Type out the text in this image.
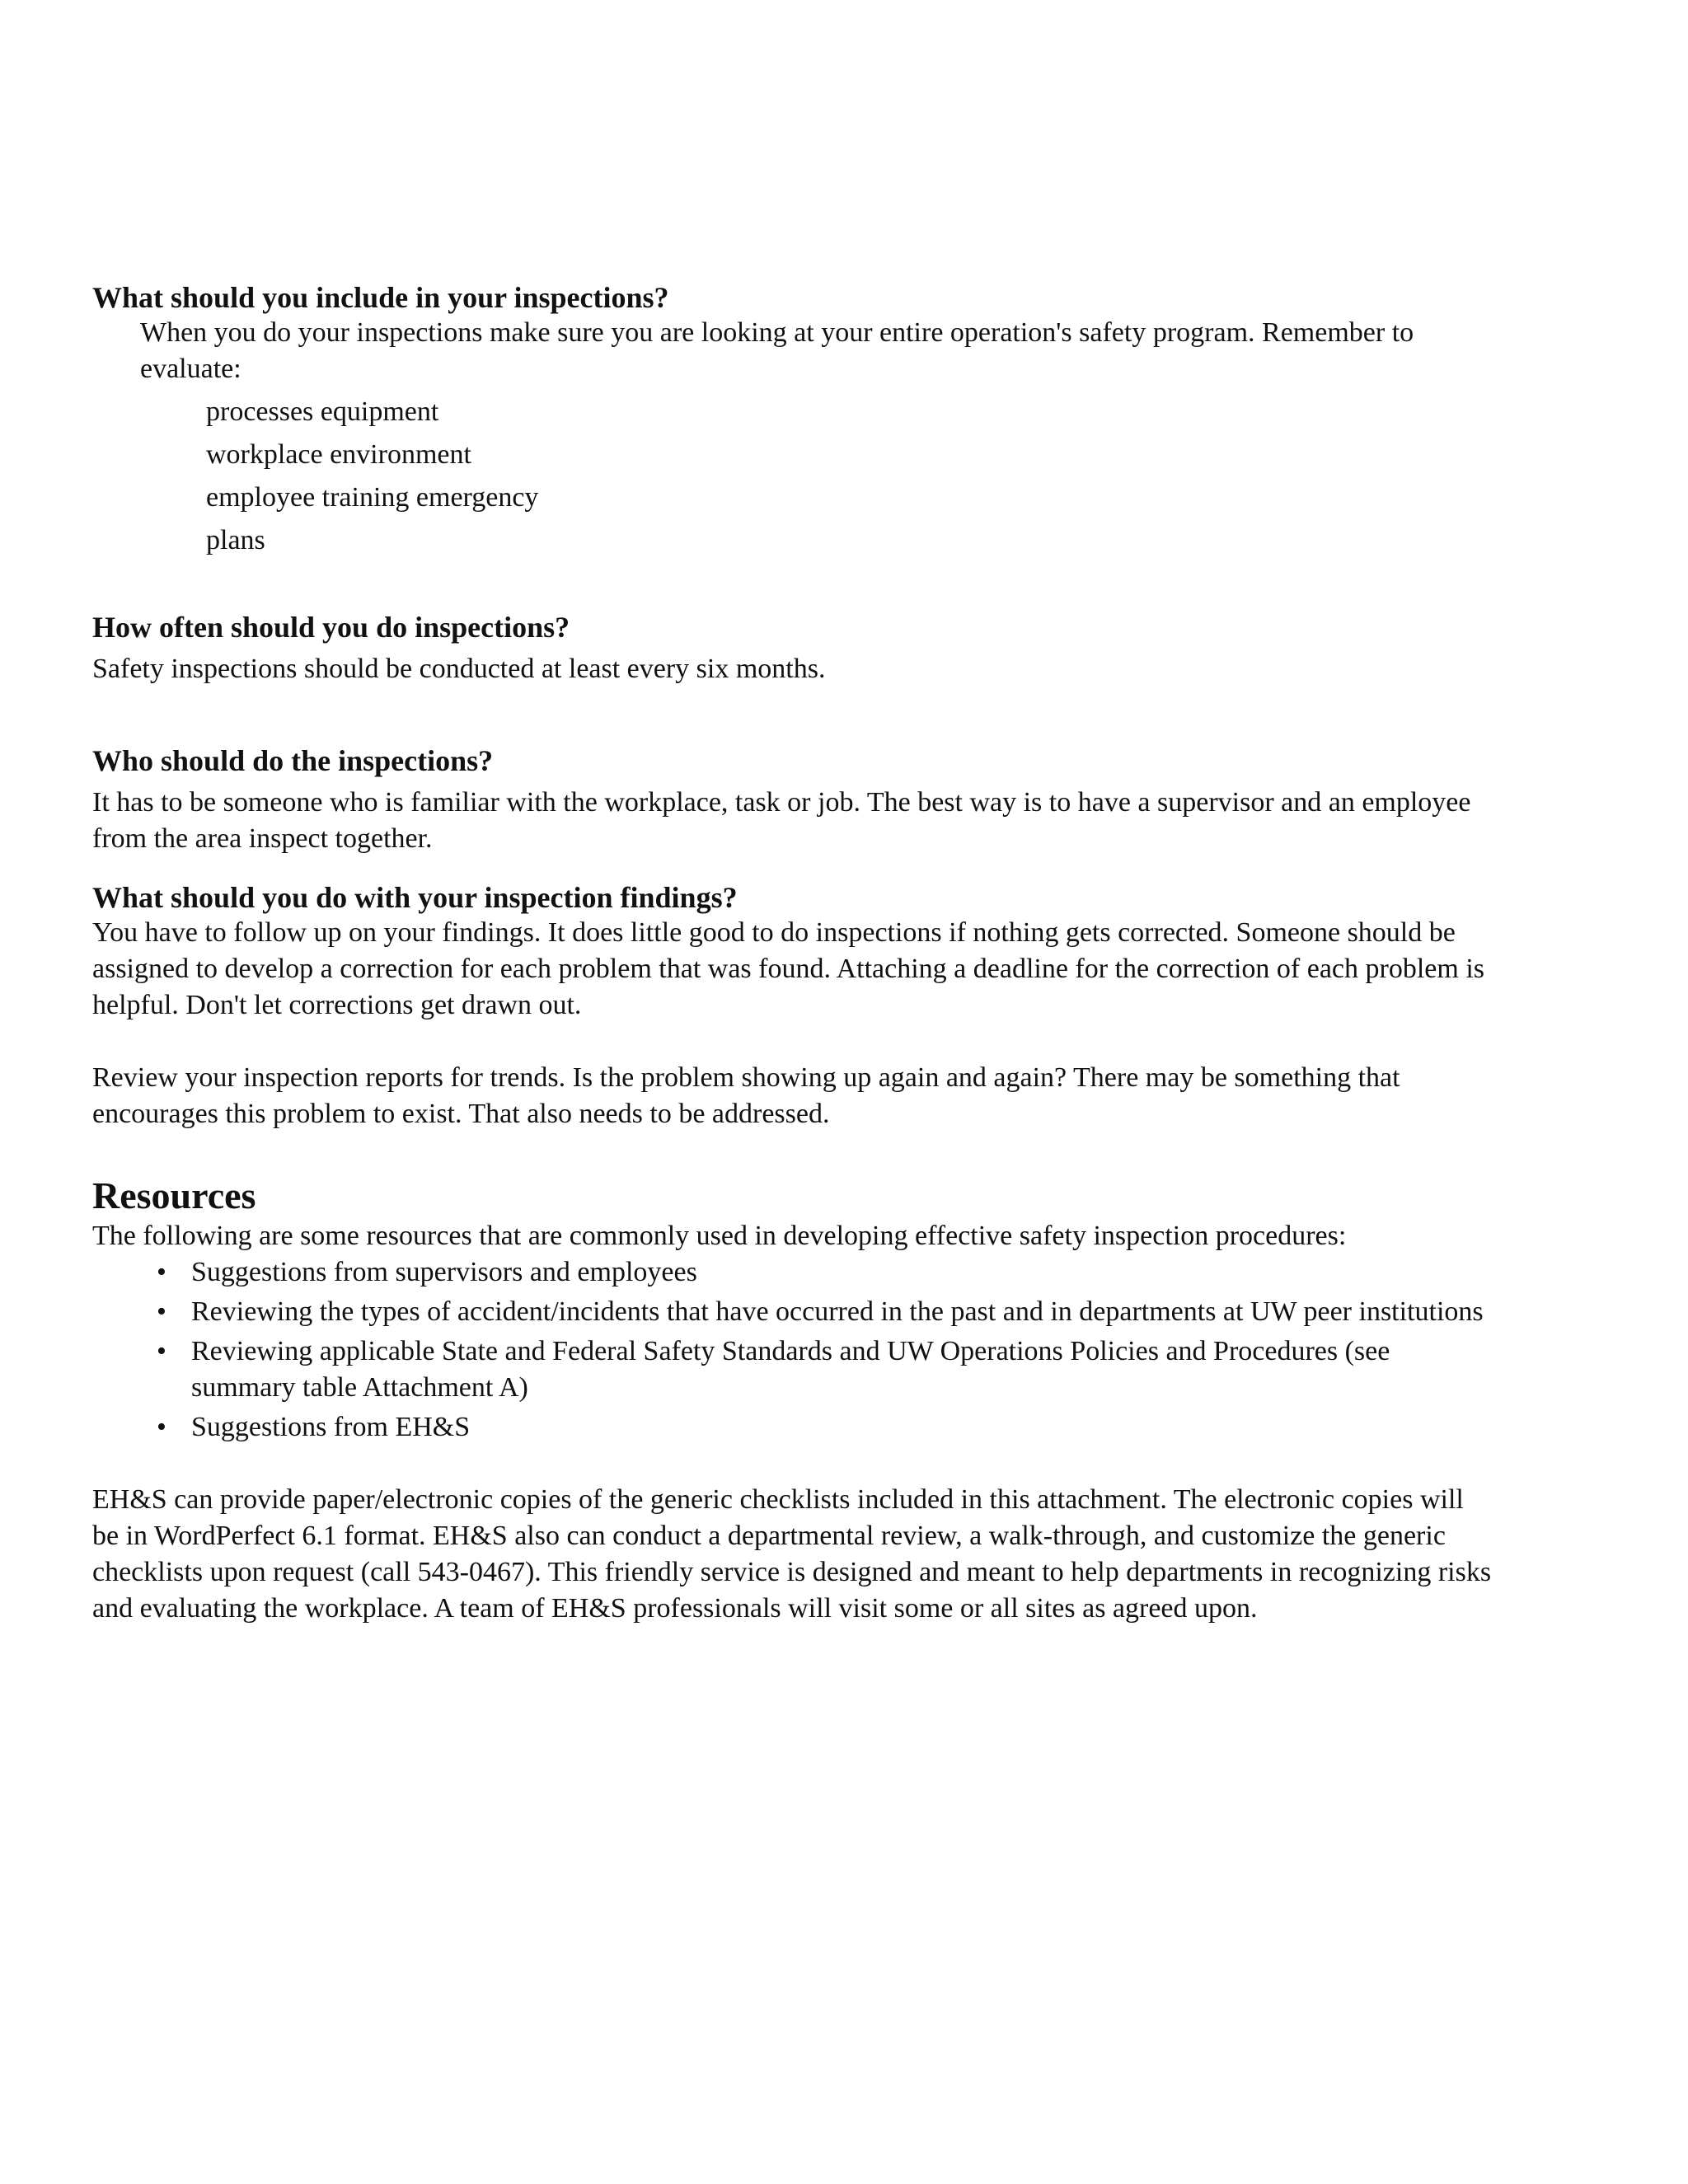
What should you include in your inspections?

When you do your inspections make sure you are looking at your entire operation's safety program. Remember to evaluate:

processes equipment
workplace environment
employee training emergency
plans
How often should you do inspections?

Safety inspections should be conducted at least every six months.

Who should do the inspections?

It has to be someone who is familiar with the workplace, task or job. The best way is to have a supervisor and an employee from the area inspect together.

What should you do with your inspection findings?

You have to follow up on your findings. It does little good to do inspections if nothing gets corrected. Someone should be assigned to develop a correction for each problem that was found. Attaching a deadline for the correction of each problem is helpful. Don't let corrections get drawn out.

Review your inspection reports for trends. Is the problem showing up again and again? There may be something that encourages this problem to exist. That also needs to be addressed.

Resources

The following are some resources that are commonly used in developing effective safety inspection procedures:

• Suggestions from supervisors and employees
• Reviewing the types of accident/incidents that have occurred in the past and in departments at UW peer institutions
• Reviewing applicable State and Federal Safety Standards and UW Operations Policies and Procedures (see summary table Attachment A)
• Suggestions from EH&S

EH&S can provide paper/electronic copies of the generic checklists included in this attachment. The electronic copies will be in WordPerfect 6.1 format. EH&S also can conduct a departmental review, a walk-through, and customize the generic checklists upon request (call 543-0467). This friendly service is designed and meant to help departments in recognizing risks and evaluating the workplace. A team of EH&S professionals will visit some or all sites as agreed upon.
